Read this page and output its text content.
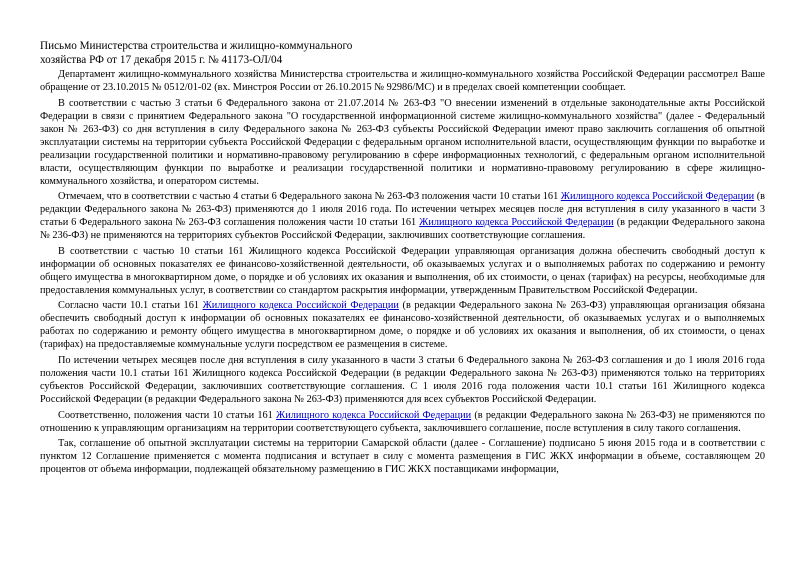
Письмо Министерства строительства и жилищно-коммунального
хозяйства РФ от 17 декабря 2015 г. № 41173-ОЛ/04

Департамент жилищно-коммунального хозяйства Министерства строительства и жилищно-коммунального хозяйства Российской Федерации рассмотрел Ваше обращение от 23.10.2015 № 0512/01-02 (вх. Минстроя России от 26.10.2015 № 92986/МС) и в пределах своей компетенции сообщает.

В соответствии с частью 3 статьи 6 Федерального закона от 21.07.2014 № 263-ФЗ "О внесении изменений в отдельные законодательные акты Российской Федерации в связи с принятием Федерального закона "О государственной информационной системе жилищно-коммунального хозяйства" (далее - Федеральный закон № 263-ФЗ) со дня вступления в силу Федерального закона № 263-ФЗ субъекты Российской Федерации имеют право заключить соглашения об опытной эксплуатации системы на территории субъекта Российской Федерации с федеральным органом исполнительной власти, осуществляющим функции по выработке и реализации государственной политики и нормативно-правовому регулированию в сфере информационных технологий, с федеральным органом исполнительной власти, осуществляющим функции по выработке и реализации государственной политики и нормативно-правовому регулированию в сфере жилищно-коммунального хозяйства, и оператором системы.

Отмечаем, что в соответствии с частью 4 статьи 6 Федерального закона № 263-ФЗ положения части 10 статьи 161 Жилищного кодекса Российской Федерации (в редакции Федерального закона № 263-ФЗ) применяются до 1 июля 2016 года. По истечении четырех месяцев после дня вступления в силу указанного в части 3 статьи 6 Федерального закона № 263-ФЗ соглашения положения части 10 статьи 161 Жилищного кодекса Российской Федерации (в редакции Федерального закона № 236-ФЗ) не применяются на территориях субъектов Российской Федерации, заключивших соответствующие соглашения.

В соответствии с частью 10 статьи 161 Жилищного кодекса Российской Федерации управляющая организация должна обеспечить свободный доступ к информации об основных показателях ее финансово-хозяйственной деятельности, об оказываемых услугах и о выполняемых работах по содержанию и ремонту общего имущества в многоквартирном доме, о порядке и об условиях их оказания и выполнения, об их стоимости, о ценах (тарифах) на ресурсы, необходимые для предоставления коммунальных услуг, в соответствии со стандартом раскрытия информации, утвержденным Правительством Российской Федерации.

Согласно части 10.1 статьи 161 Жилищного кодекса Российской Федерации (в редакции Федерального закона № 263-ФЗ) управляющая организация обязана обеспечить свободный доступ к информации об основных показателях ее финансово-хозяйственной деятельности, об оказываемых услугах и о выполняемых работах по содержанию и ремонту общего имущества в многоквартирном доме, о порядке и об условиях их оказания и выполнения, об их стоимости, о ценах (тарифах) на предоставляемые коммунальные услуги посредством ее размещения в системе.

По истечении четырех месяцев после дня вступления в силу указанного в части 3 статьи 6 Федерального закона № 263-ФЗ соглашения и до 1 июля 2016 года положения части 10.1 статьи 161 Жилищного кодекса Российской Федерации (в редакции Федерального закона № 263-ФЗ) применяются только на территориях субъектов Российской Федерации, заключивших соответствующие соглашения. С 1 июля 2016 года положения части 10.1 статьи 161 Жилищного кодекса Российской Федерации (в редакции Федерального закона № 263-ФЗ) применяются для всех субъектов Российской Федерации.

Соответственно, положения части 10 статьи 161 Жилищного кодекса Российской Федерации (в редакции Федерального закона № 263-ФЗ) не применяются по отношению к управляющим организациям на территории соответствующего субъекта, заключившего соглашение, после вступления в силу такого соглашения.

Так, соглашение об опытной эксплуатации системы на территории Самарской области (далее - Соглашение) подписано 5 июня 2015 года и в соответствии с пунктом 12 Соглашение применяется с момента подписания и вступает в силу с момента размещения в ГИС ЖКХ информации в объеме, составляющем 20 процентов от объема информации, подлежащей обязательному размещению в ГИС ЖКХ поставщиками информации,
